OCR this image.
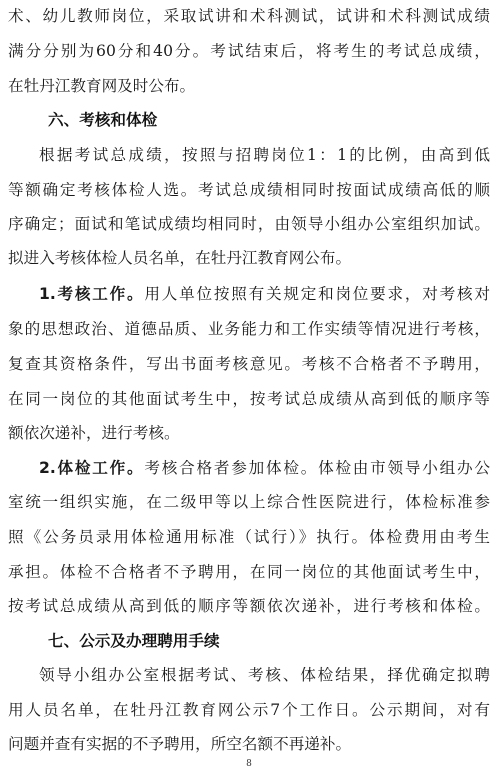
术、幼儿教师岗位，采取试讲和术科测试，试讲和术科测试成绩
满分分别为60分和40分。考试结束后，将考生的考试总成绩，
在牡丹江教育网及时公布。
六、考核和体检
根据考试总成绩，按照与招聘岗位1：1的比例，由高到低
等额确定考核体检人选。考试总成绩相同时按面试成绩高低的顺
序确定；面试和笔试成绩均相同时，由领导小组办公室组织加试。
拟进入考核体检人员名单，在牡丹江教育网公布。
1.考核工作。用人单位按照有关规定和岗位要求，对考核对
象的思想政治、道德品质、业务能力和工作实绩等情况进行考核，
复查其资格条件，写出书面考核意见。考核不合格者不予聘用，
在同一岗位的其他面试考生中，按考试总成绩从高到低的顺序等
额依次递补，进行考核。
2.体检工作。考核合格者参加体检。体检由市领导小组办公
室统一组织实施，在二级甲等以上综合性医院进行，体检标准参
照《公务员录用体检通用标准（试行）》执行。体检费用由考生
承担。体检不合格者不予聘用，在同一岗位的其他面试考生中，
按考试总成绩从高到低的顺序等额依次递补，进行考核和体检。
七、公示及办理聘用手续
领导小组办公室根据考试、考核、体检结果，择优确定拟聘
用人员名单，在牡丹江教育网公示7个工作日。公示期间，对有
问题并查有实据的不予聘用，所空名额不再递补。
8
